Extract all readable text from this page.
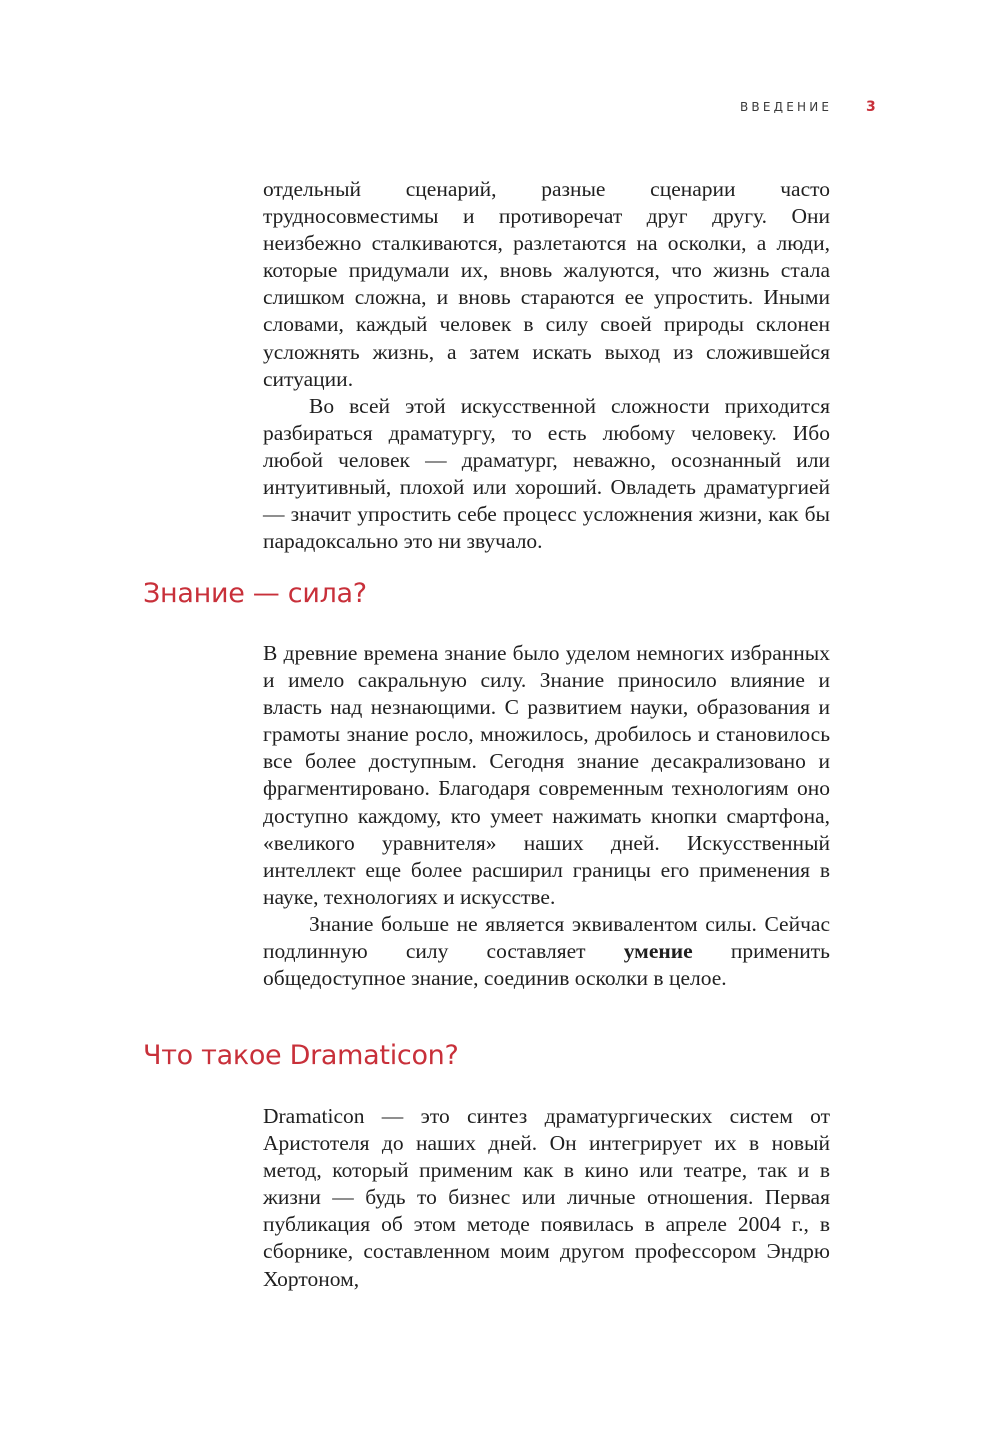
ВВЕДЕНИЕ 3

отдельный сценарий, разные сценарии часто трудносовместимы и противоречат друг другу. Они неизбежно сталкиваются, разлетаются на осколки, а люди, которые придумали их, вновь жалуются, что жизнь стала слишком сложна, и вновь стараются ее упростить. Иными словами, каждый человек в силу своей природы склонен усложнять жизнь, а затем искать выход из сложившейся ситуации.

Во всей этой искусственной сложности приходится разбираться драматургу, то есть любому человеку. Ибо любой человек — драматург, неважно, осознанный или интуитивный, плохой или хороший. Овладеть драматургией — значит упростить себе процесс усложнения жизни, как бы парадоксально это ни звучало.

Знание — сила?

В древние времена знание было уделом немногих избранных и имело сакральную силу. Знание приносило влияние и власть над незнающими. С развитием науки, образования и грамоты знание росло, множилось, дробилось и становилось все более доступным. Сегодня знание десакрализовано и фрагментировано. Благодаря современным технологиям оно доступно каждому, кто умеет нажимать кнопки смартфона, «великого уравнителя» наших дней. Искусственный интеллект еще более расширил границы его применения в науке, технологиях и искусстве.

Знание больше не является эквивалентом силы. Сейчас подлинную силу составляет умение применить общедоступное знание, соединив осколки в целое.

Что такое Dramaticon?

Dramaticon — это синтез драматургических систем от Аристотеля до наших дней. Он интегрирует их в новый метод, который применим как в кино или театре, так и в жизни — будь то бизнес или личные отношения. Первая публикация об этом методе появилась в апреле 2004 г., в сборнике, составленном моим другом профессором Эндрю Хортоном,
